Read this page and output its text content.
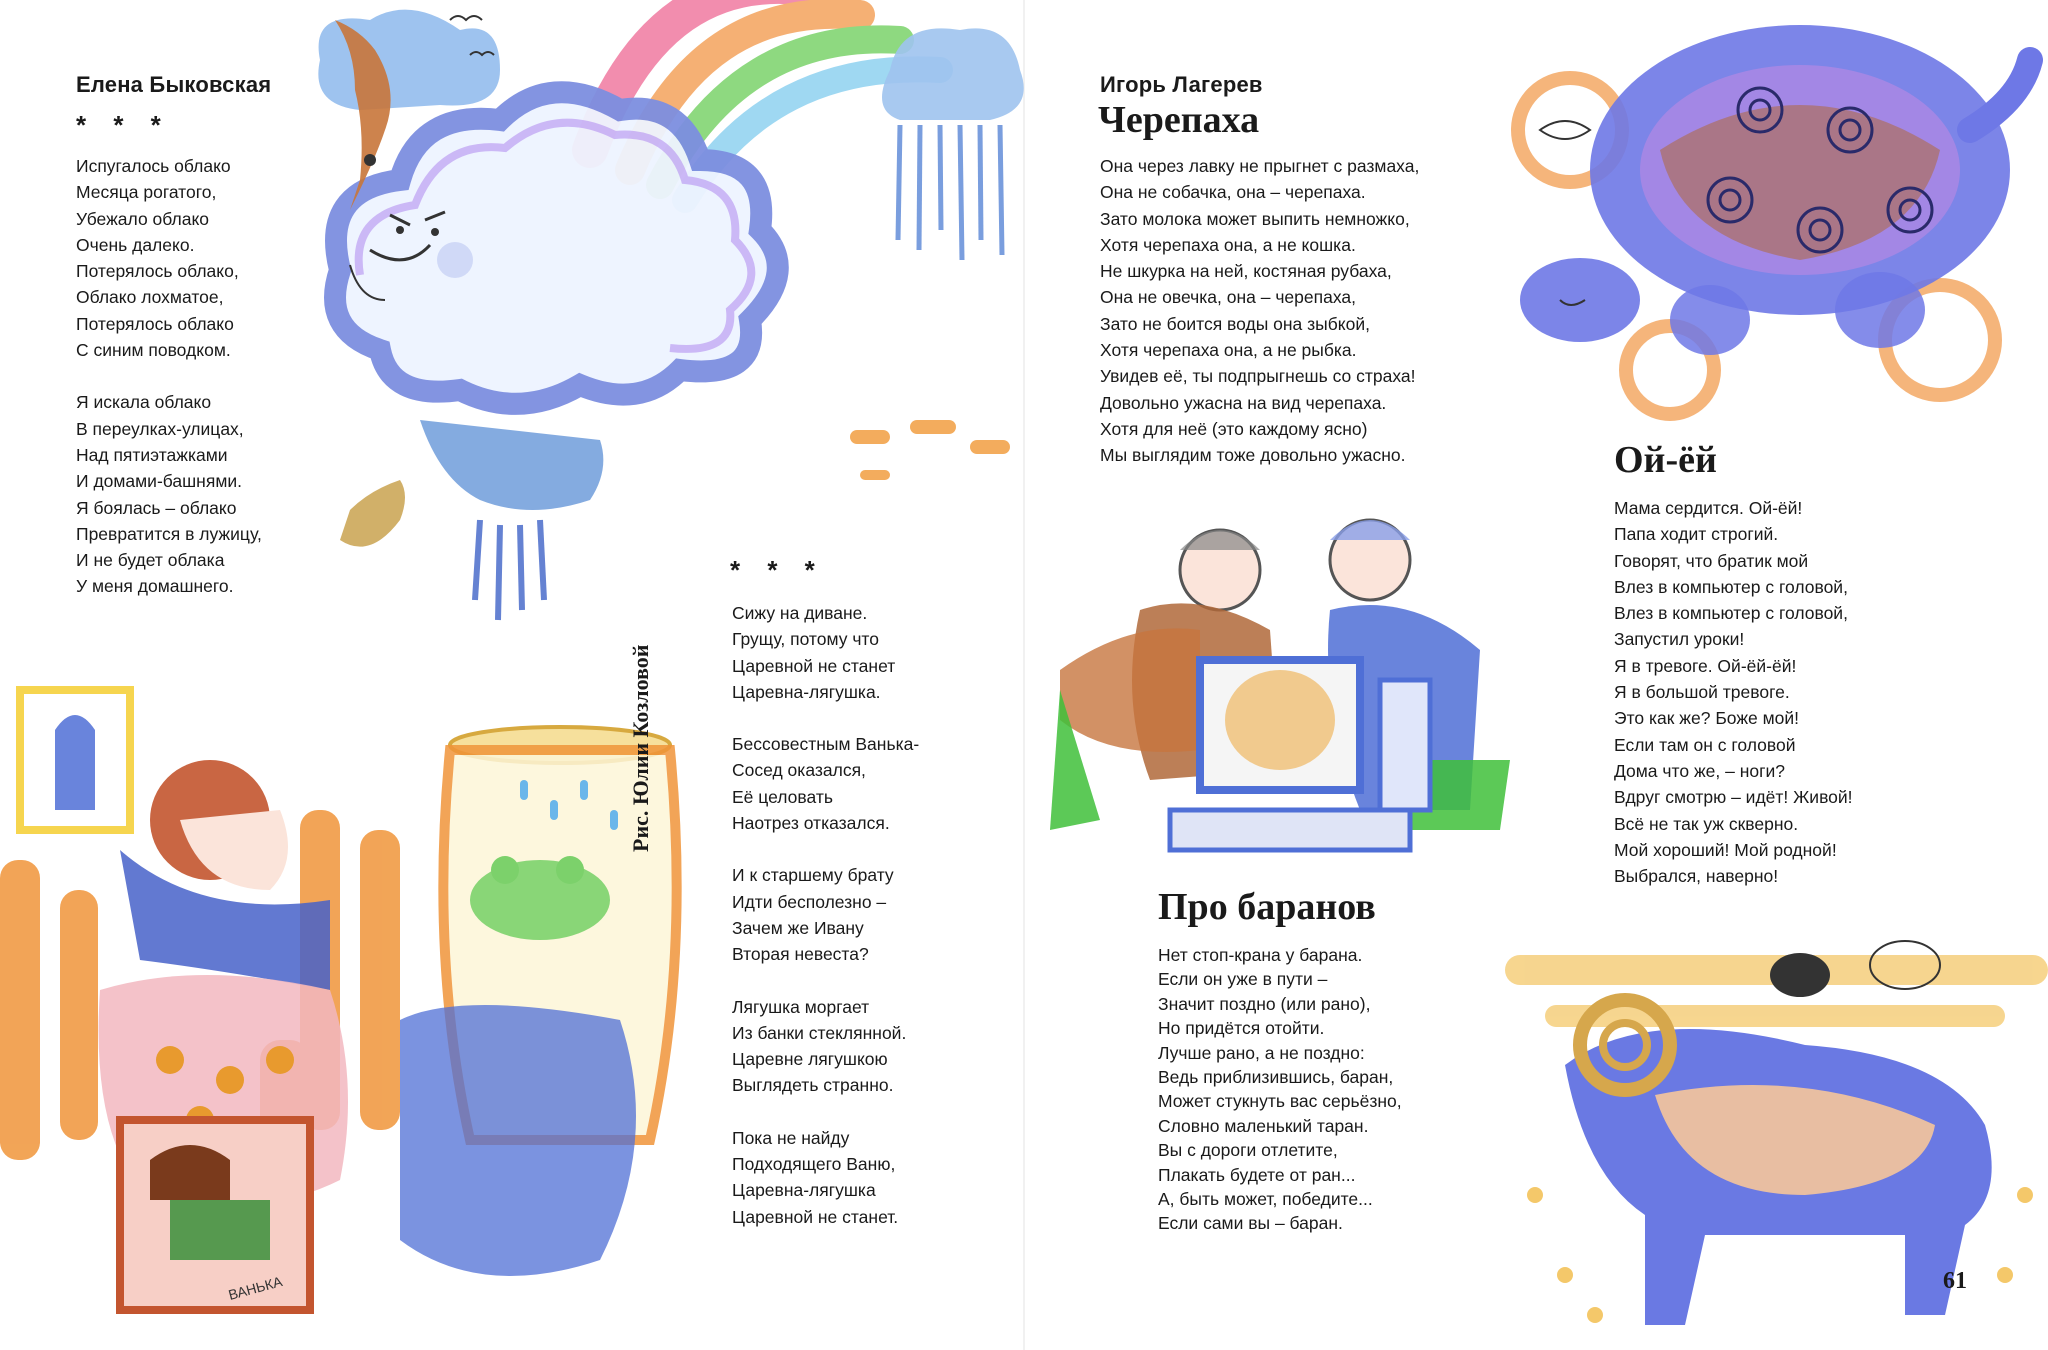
ВАНЬКА
Елена Быковская
* * *
Испугалось облако
Месяца рогатого,
Убежало облако
Очень далеко.
Потерялось облако,
Облако лохматое,
Потерялось облако
С синим поводком.
Я искала облако
В переулках-улицах,
Над пятиэтажками
И домами-башнями.
Я боялась – облако
Превратится в лужицу,
И не будет облака
У меня домашнего.
Рис. Юлии Козловой
* * *
Сижу на диване.
Грущу, потому что
Царевной не станет
Царевна-лягушка.
Бессовестным Ванька-
Сосед оказался,
Её целовать
Наотрез отказался.
И к старшему брату
Идти бесполезно –
Зачем же Ивану
Вторая невеста?
Лягушка моргает
Из банки стеклянной.
Царевне лягушкою
Выглядеть странно.
Пока не найду
Подходящего Ваню,
Царевна-лягушка
Царевной не станет.
Игорь Лагерев
Черепаха
Она через лавку не прыгнет с размаха,
Она не собачка, она – черепаха.
Зато молока может выпить немножко,
Хотя черепаха она, а не кошка.
Не шкурка на ней, костяная рубаха,
Она не овечка, она – черепаха,
Зато не боится воды она зыбкой,
Хотя черепаха она, а не рыбка.
Увидев её, ты подпрыгнешь со страха!
Довольно ужасна на вид черепаха.
Хотя для неё (это каждому ясно)
Мы выглядим тоже довольно ужасно.	Ой-ёй
Мама сердится. Ой-ёй!
Папа ходит строгий.
Говорят, что братик мой
Влез в компьютер с головой,
Влез в компьютер с головой,
Запустил уроки!
Я в тревоге. Ой-ёй-ёй!
Я в большой тревоге.
Это как же? Боже мой!
Если там он с головой
Дома что же, – ноги?
Вдруг смотрю – идёт! Живой!
Всё не так уж скверно.
Мой хороший! Мой родной!
Выбрался, наверно!
Про баранов
Нет стоп-крана у барана.
Если он уже в пути –
Значит поздно (или рано),
Но придётся отойти.
Лучше рано, а не поздно:
Ведь приблизившись, баран,
Может стукнуть вас серьёзно,
Словно маленький таран.
Вы с дороги отлетите,
Плакать будете от ран...
А, быть может, победите...
Если сами вы – баран.
61
